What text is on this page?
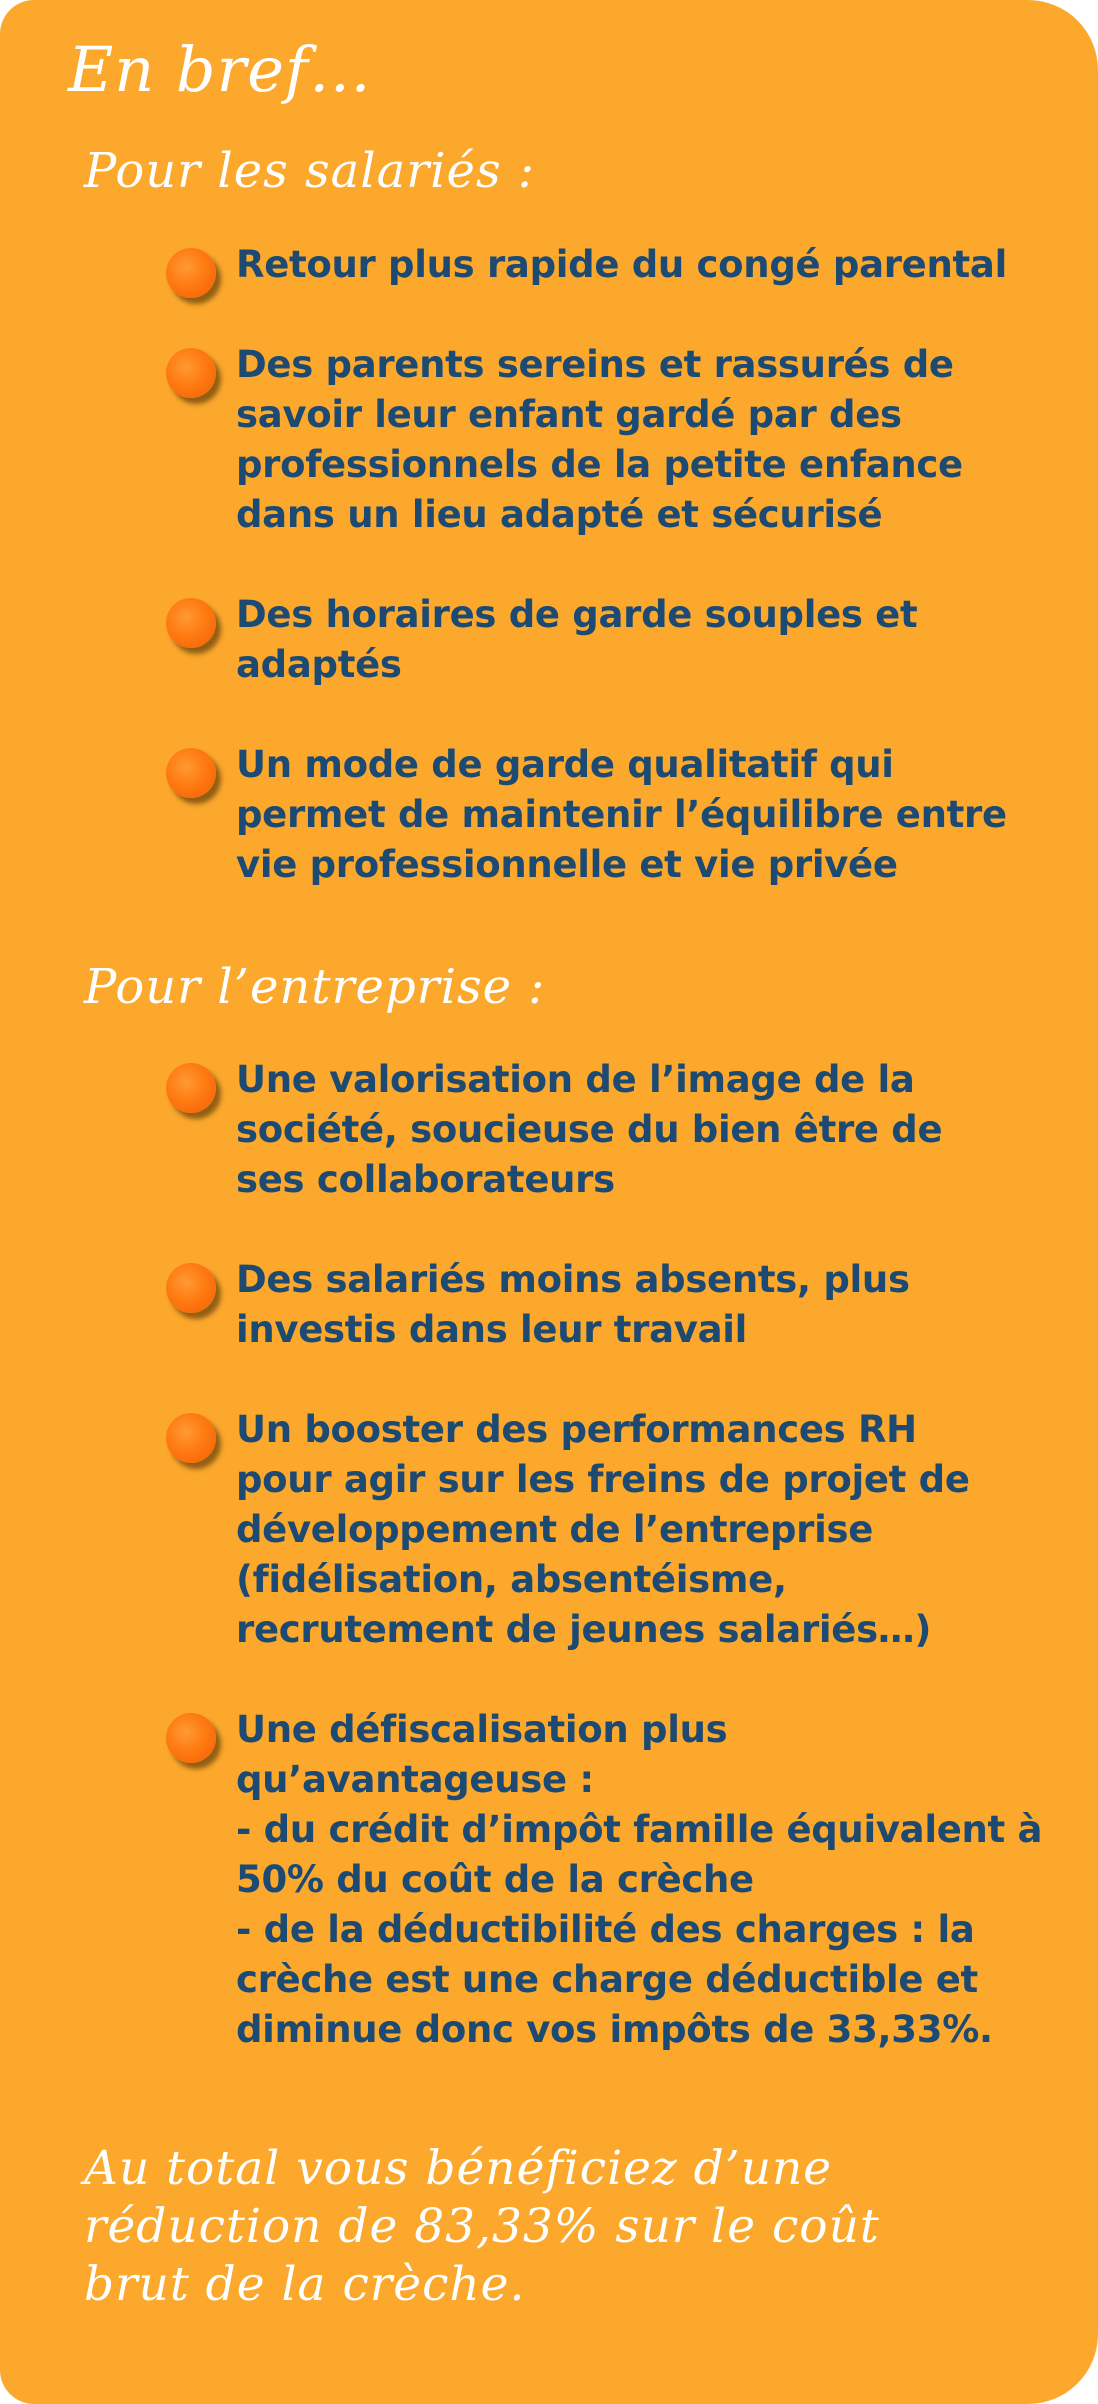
En bref…
Pour les salariés :

Retour plus rapide du congé parental

Des parents sereins et rassurés de
savoir leur enfant gardé par des
professionnels de la petite enfance
dans un lieu adapté et sécurisé

Des horaires de garde souples et
adaptés

Un mode de garde qualitatif qui
permet de maintenir l’équilibre entre
vie professionnelle et vie privée

Pour l’entreprise :

Une valorisation de l’image de la
société, soucieuse du bien être de
ses collaborateurs

Des salariés moins absents, plus
investis dans leur travail

Un booster des performances RH
pour agir sur les freins de projet de
développement de l’entreprise
(fidélisation, absentéisme,
recrutement de jeunes salariés…)

Une défiscalisation plus
qu’avantageuse :
- du crédit d’impôt famille équivalent à
50% du coût de la crèche
- de la déductibilité des charges : la
crèche est une charge déductible et
diminue donc vos impôts de 33,33%.

Au total vous bénéficiez d’une
réduction de 83,33% sur le coût
brut de la crèche.
